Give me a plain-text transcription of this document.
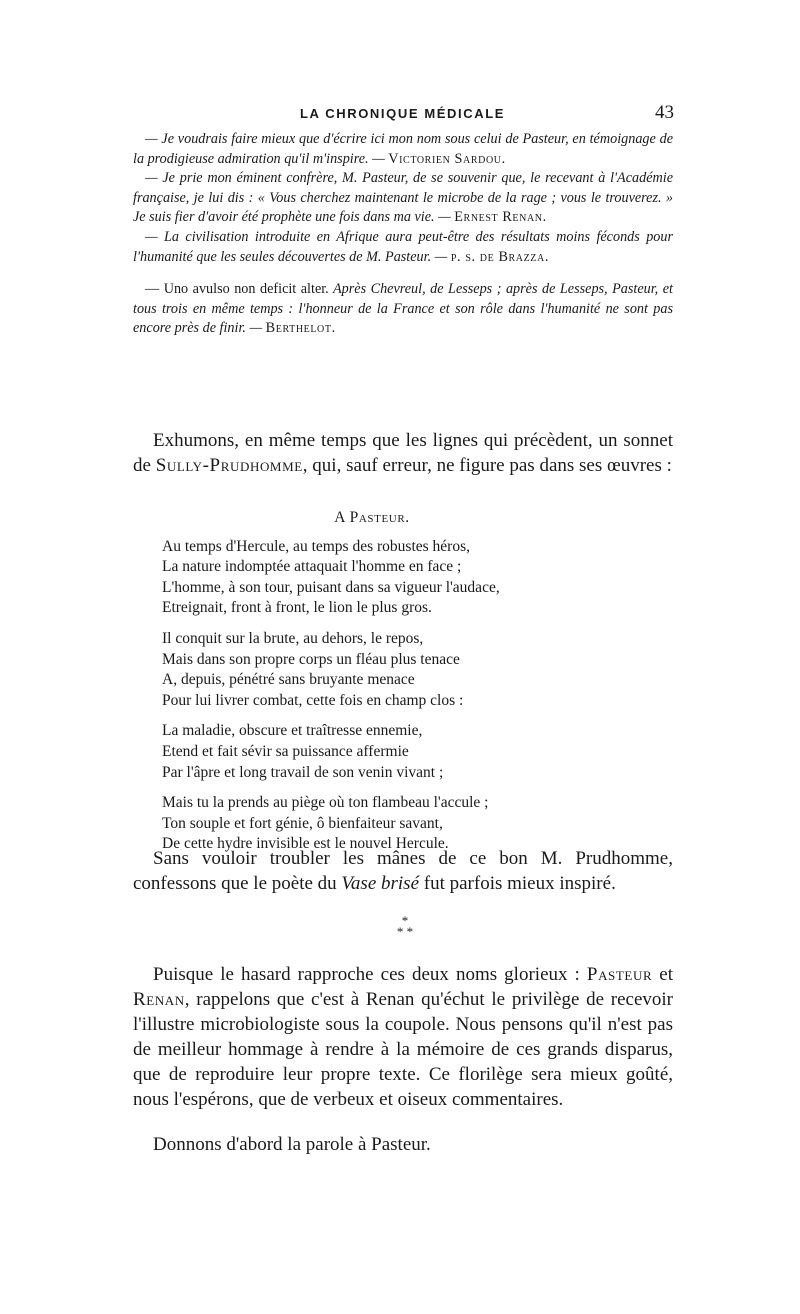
LA CHRONIQUE MÉDICALE	43

— Je voudrais faire mieux que d'écrire ici mon nom sous celui de Pasteur, en témoignage de la prodigieuse admiration qu'il m'inspire. — Victorien Sardou.

— Je prie mon éminent confrère, M. Pasteur, de se souvenir que, le recevant à l'Académie française, je lui dis : « Vous cherchez maintenant le microbe de la rage ; vous le trouverez. » Je suis fier d'avoir été prophète une fois dans ma vie. — Ernest Renan.

— La civilisation introduite en Afrique aura peut-être des résultats moins féconds pour l'humanité que les seules découvertes de M. Pasteur. — p. s. de Brazza.

— Uno avulso non deficit alter. Après Chevreul, de Lesseps ; après de Lesseps, Pasteur, et tous trois en même temps : l'honneur de la France et son rôle dans l'humanité ne sont pas encore près de finir. — Berthelot.

Exhumons, en même temps que les lignes qui précèdent, un sonnet de Sully-Prudhomme, qui, sauf erreur, ne figure pas dans ses œuvres :

A Pasteur.
Au temps d'Hercule, au temps des robustes héros,
La nature indomptée attaquait l'homme en face ;
L'homme, à son tour, puisant dans sa vigueur l'audace,
Etreignait, front à front, le lion le plus gros.
Il conquit sur la brute, au dehors, le repos,
Mais dans son propre corps un fléau plus tenace
A, depuis, pénétré sans bruyante menace
Pour lui livrer combat, cette fois en champ clos :
La maladie, obscure et traîtresse ennemie,
Etend et fait sévir sa puissance affermie
Par l'âpre et long travail de son venin vivant ;
Mais tu la prends au piège où ton flambeau l'accule ;
Ton souple et fort génie, ô bienfaiteur savant,
De cette hydre invisible est le nouvel Hercule.

Sans vouloir troubler les mânes de ce bon M. Prudhomme, confessons que le poète du Vase brisé fut parfois mieux inspiré.

*
* *

Puisque le hasard rapproche ces deux noms glorieux : Pasteur et Renan, rappelons que c'est à Renan qu'échut le privilège de recevoir l'illustre microbiologiste sous la coupole. Nous pensons qu'il n'est pas de meilleur hommage à rendre à la mémoire de ces grands disparus, que de reproduire leur propre texte. Ce florilège sera mieux goûté, nous l'espérons, que de verbeux et oiseux commentaires.

Donnons d'abord la parole à Pasteur.
